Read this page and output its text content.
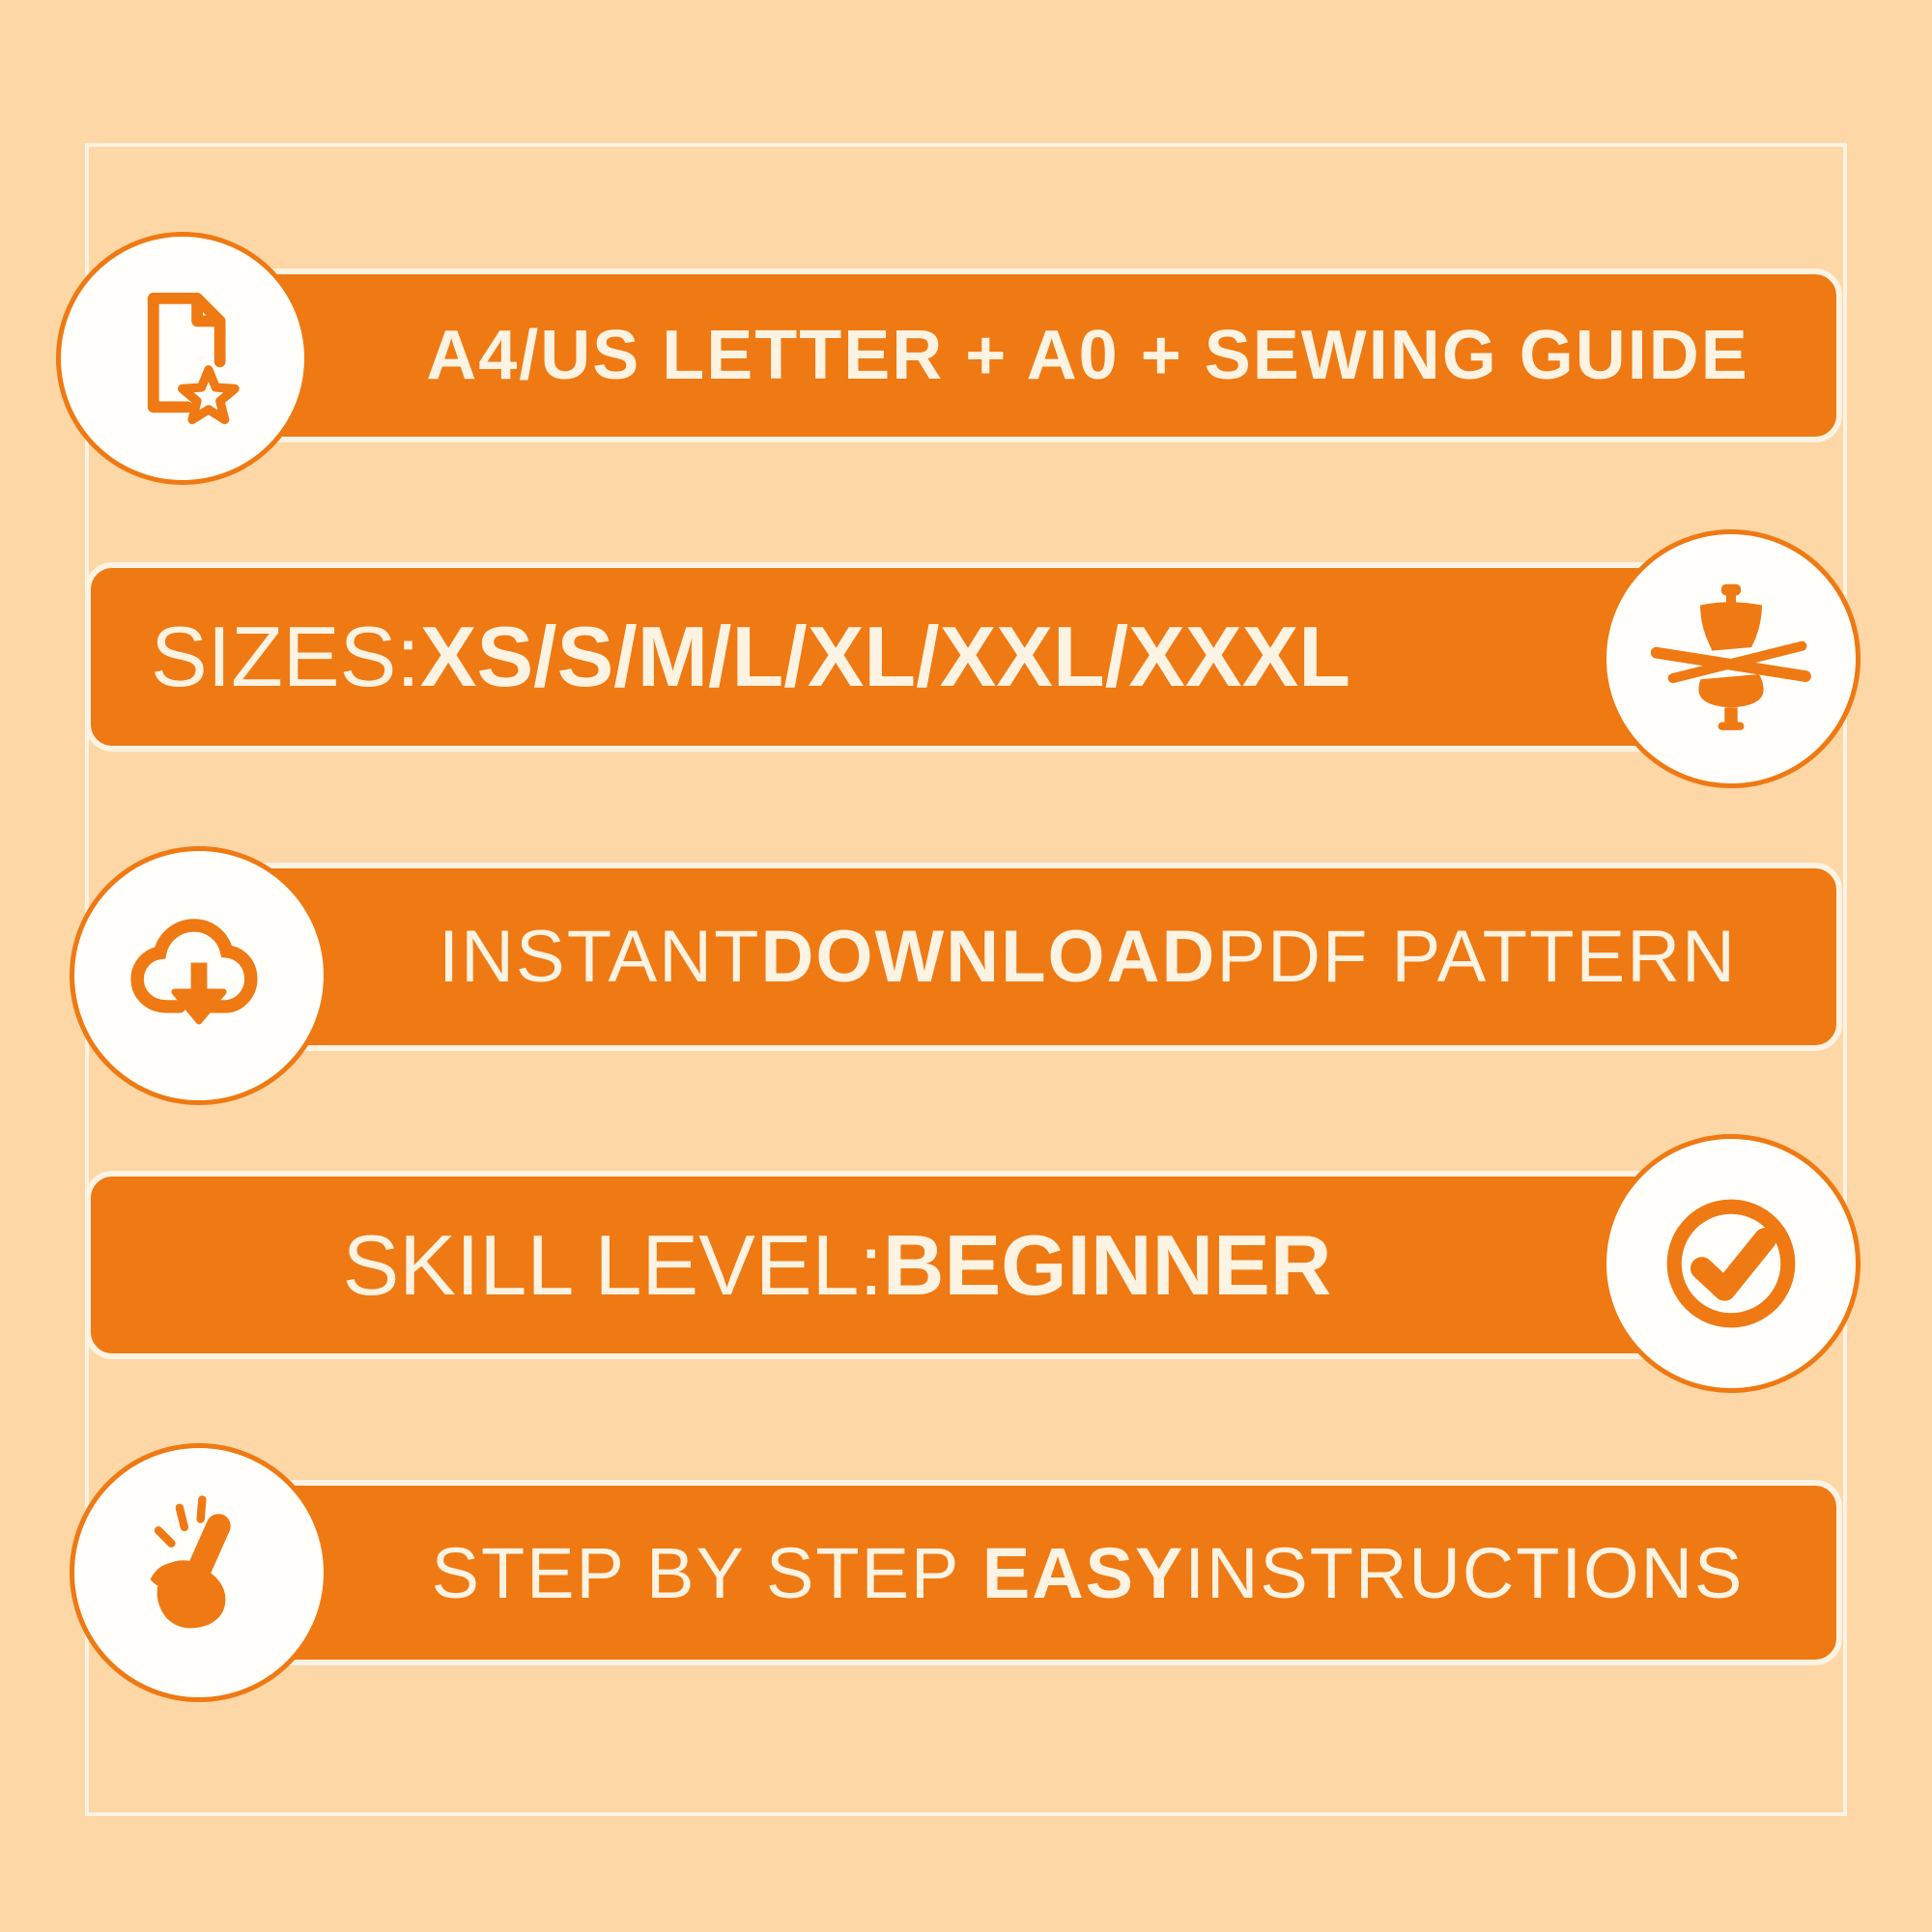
A4/US LETTER + A0 + SEWING GUIDE
SIZES: XS/S/M/L/XL/XXL/XXXL
INSTANT DOWNLOAD PDF PATTERN
SKILL LEVEL: BEGINNER
STEP BY STEP EASY INSTRUCTIONS
